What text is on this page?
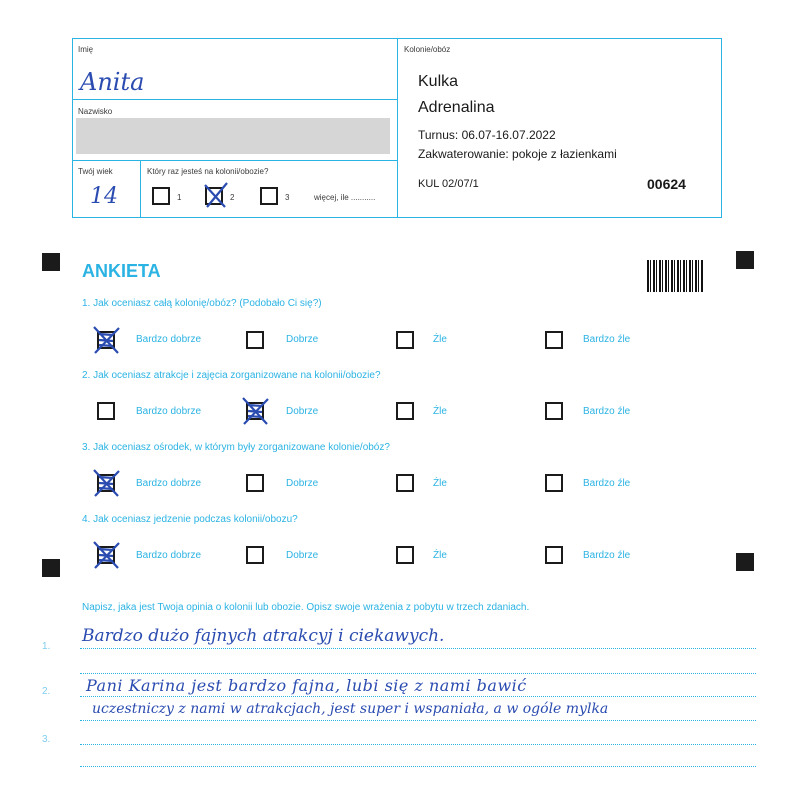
Imię
Anita
Nazwisko
Twój wiek
14
Który raz jesteś na kolonii/obozie?
1	2	3	więcej, ile ...........
Kolonie/obóz
Kulka
Adrenalina
Turnus: 06.07-16.07.2022
Zakwaterowanie: pokoje z łazienkami
KUL 02/07/1	00624
ANKIETA
1. Jak oceniasz całą kolonię/obóz? (Podobało Ci się?)
2. Jak oceniasz atrakcje i zajęcia zorganizowane na kolonii/obozie?
3. Jak oceniasz ośrodek, w którym były zorganizowane kolonie/obóz?
4. Jak oceniasz jedzenie podczas kolonii/obozu?
Bardzo dobrze	Dobrze	Źle	Bardzo źle
Bardzo dobrze	Dobrze	Źle	Bardzo źle
Bardzo dobrze	Dobrze	Źle	Bardzo źle
Bardzo dobrze	Dobrze	Źle	Bardzo źle
Napisz, jaka jest Twoja opinia o kolonii lub obozie. Opisz swoje wrażenia z pobytu w trzech zdaniach.
1.
2.
3.
Bardzo dużo fajnych atrakcyj i ciekawych.
Pani Karina jest bardzo fajna, lubi się z nami bawić
uczestniczy z nami w atrakcjach, jest super i wspaniała, a w ogóle mylka
